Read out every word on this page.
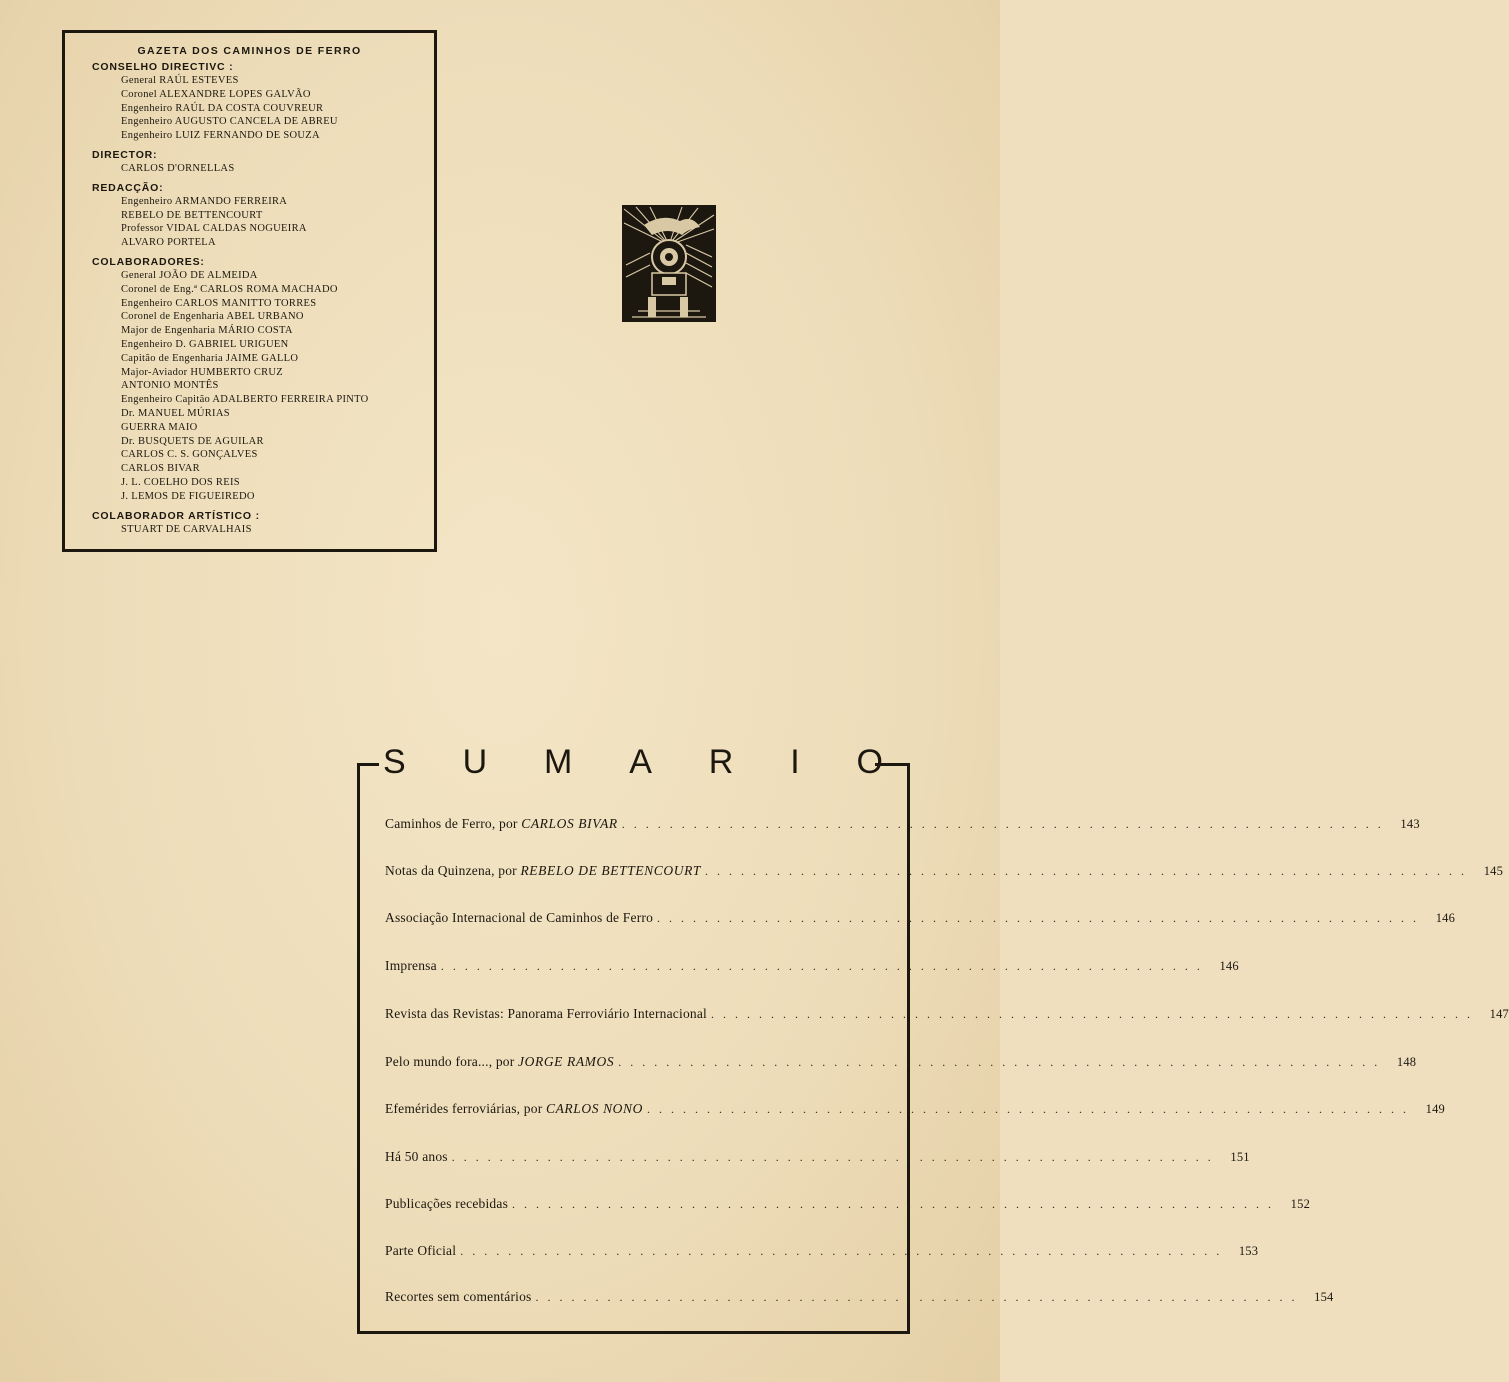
GAZETA DOS CAMINHOS DE FERRO
CONSELHO DIRECTIVC :
General RAÚL ESTEVES
Coronel ALEXANDRE LOPES GALVÃO
Engenheiro RAÚL DA COSTA COUVREUR
Engenheiro AUGUSTO CANCELA DE ABREU
Engenheiro LUIZ FERNANDO DE SOUZA
DIRECTOR:
CARLOS D'ORNELLAS
REDACÇÃO:
Engenheiro ARMANDO FERREIRA
REBELO DE BETTENCOURT
Professor VIDAL CALDAS NOGUEIRA
ALVARO PORTELA
COLABORADORES:
General JOÃO DE ALMEIDA
Coronel de Eng.ª CARLOS ROMA MACHADO
Engenheiro CARLOS MANITTO TORRES
Coronel de Engenharia ABEL URBANO
Major de Engenharia MÁRIO COSTA
Engenheiro D. GABRIEL URIGUEN
Capitão de Engenharia JAIME GALLO
Major-Aviador HUMBERTO CRUZ
ANTONIO MONTÊS
Engenheiro Capitão ADALBERTO FERREIRA PINTO
Dr. MANUEL MÚRIAS
GUERRA MAIO
Dr. BUSQUETS DE AGUILAR
CARLOS C. S. GONÇALVES
CARLOS BIVAR
J. L. COELHO DOS REIS
J. LEMOS DE FIGUEIREDO
COLABORADOR ARTÍSTICO :
STUART DE CARVALHAIS
S U M A R I O
Caminhos de Ferro, por CARLOS BIVAR ................................................................ 143
Notas da Quinzena, por REBELO DE BETTENCOURT ................................................................ 145
Associação Internacional de Caminhos de Ferro ................................................................ 146
Imprensa ................................................................ 146
Revista das Revistas: Panorama Ferroviário Internacional ................................................................ 147
Pelo mundo fora..., por JORGE RAMOS ................................................................ 148
Efemérides ferroviárias, por CARLOS NONO ................................................................ 149
Há 50 anos ................................................................ 151
Publicações recebidas ................................................................ 152
Parte Oficial ................................................................ 153
Recortes sem comentários ................................................................ 154
